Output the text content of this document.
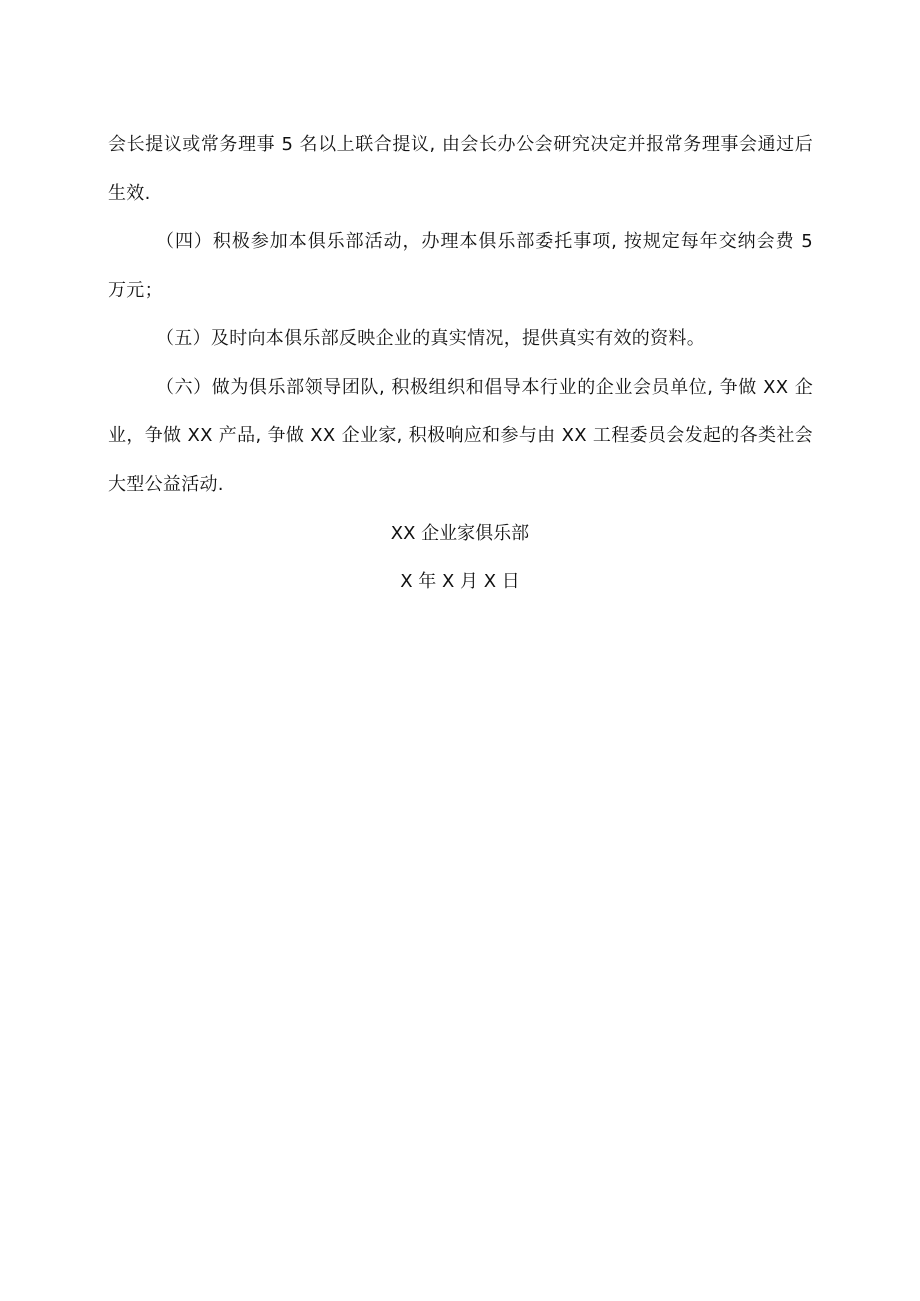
会长提议或常务理事 5 名以上联合提议, 由会长办公会研究决定并报常务理事会通过后生效.

（四）积极参加本俱乐部活动，办理本俱乐部委托事项, 按规定每年交纳会费 5 万元；

（五）及时向本俱乐部反映企业的真实情况，提供真实有效的资料。

（六）做为俱乐部领导团队, 积极组织和倡导本行业的企业会员单位, 争做 XX 企业，争做 XX 产品, 争做 XX 企业家, 积极响应和参与由 XX 工程委员会发起的各类社会大型公益活动.

XX 企业家俱乐部
X 年 X 月 X 日
